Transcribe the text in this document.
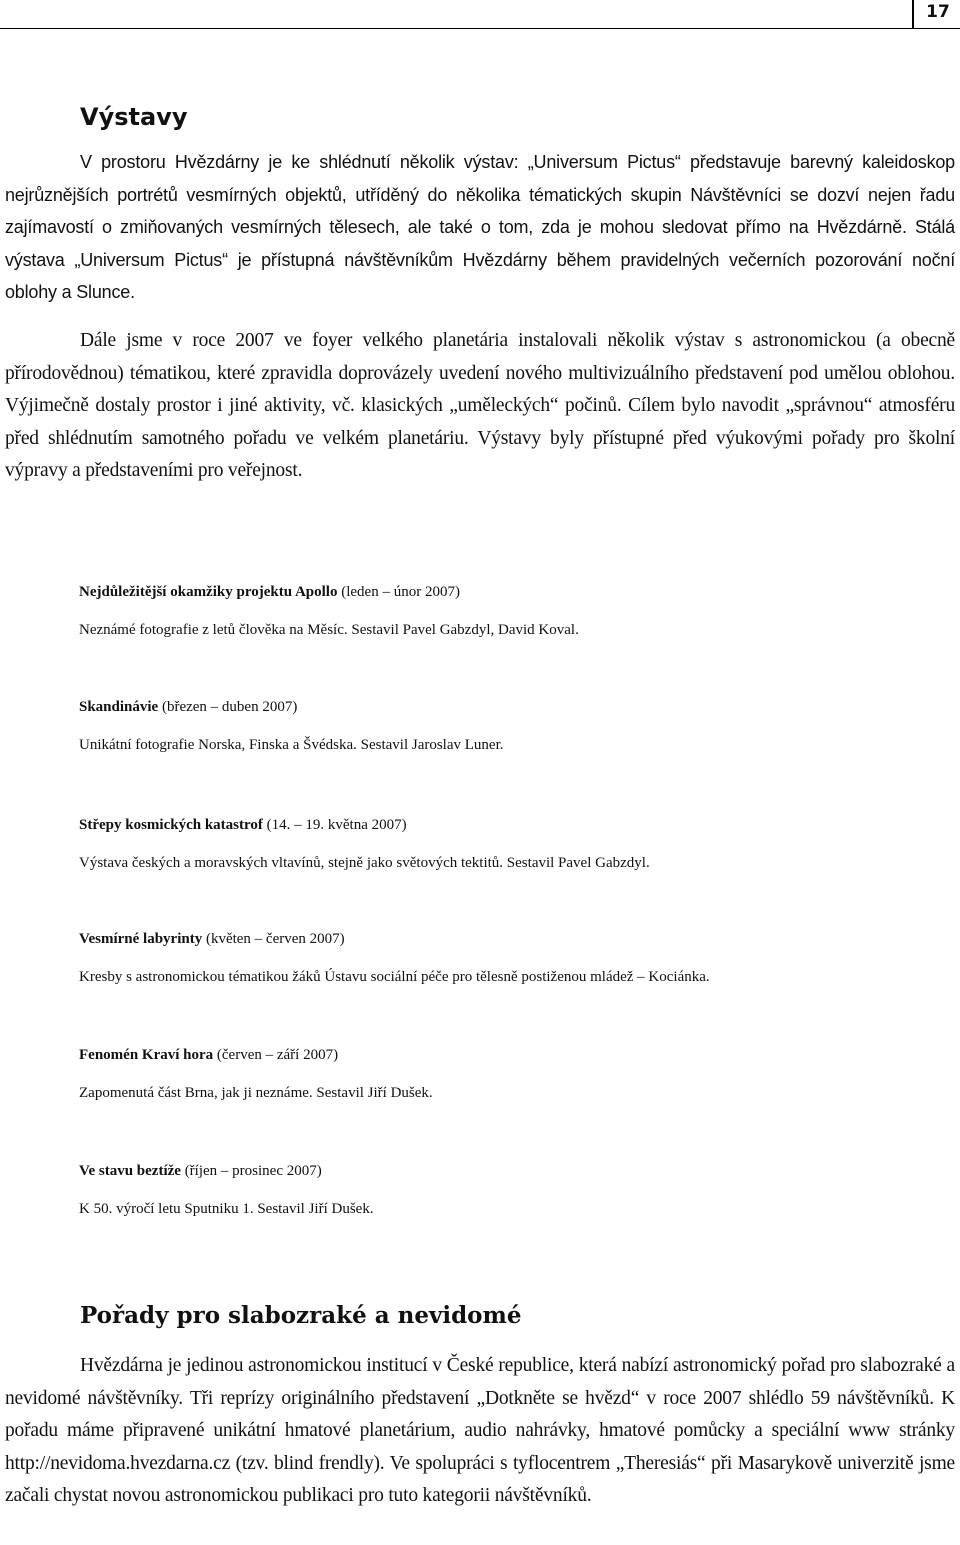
17
Výstavy

V prostoru Hvězdárny je ke shlédnutí několik výstav: „Universum Pictus“ představuje barevný kaleidoskop nejrůznějších portrétů vesmírných objektů, utříděný do několika tématických skupin Návštěvníci se dozví nejen řadu zajímavostí o zmiňovaných vesmírných tělesech, ale také o tom, zda je mohou sledovat přímo na Hvězdárně. Stálá výstava „Universum Pictus“ je přístupná návštěvníkům Hvězdárny během pravidelných večerních pozorování noční oblohy a Slunce.

Dále jsme v roce 2007 ve foyer velkého planetária instalovali několik výstav s astronomickou (a obecně přírodovědnou) tématikou, které zpravidla doprovázely uvedení nového multivizuálního představení pod umělou oblohou. Výjimečně dostaly prostor i jiné aktivity, vč. klasických „uměleckých“ počinů. Cílem bylo navodit „správnou“ atmosféru před shlédnutím samotného pořadu ve velkém planetáriu. Výstavy byly přístupné před výukovými pořady pro školní výpravy a představeními pro veřejnost.

Nejdůležitější okamžiky projektu Apollo (leden – únor 2007)
Neznámé fotografie z letů člověka na Měsíc. Sestavil Pavel Gabzdyl, David Koval.
Skandinávie (březen – duben 2007)
Unikátní fotografie Norska, Finska a Švédska. Sestavil Jaroslav Luner.
Střepy kosmických katastrof (14. – 19. května 2007)
Výstava českých a moravských vltavínů, stejně jako světových tektitů. Sestavil Pavel Gabzdyl.
Vesmírné labyrinty (květen – červen 2007)
Kresby s astronomickou tématikou žáků Ústavu sociální péče pro tělesně postiženou mládež – Kociánka.
Fenomén Kraví hora (červen – září 2007)
Zapomenutá část Brna, jak ji neznáme. Sestavil Jiří Dušek.
Ve stavu beztíže (říjen – prosinec 2007)
K 50. výročí letu Sputniku 1. Sestavil Jiří Dušek.
Pořady pro slabozraké a nevidomé

Hvězdárna je jedinou astronomickou institucí v České republice, která nabízí astronomický pořad pro slabozraké a nevidomé návštěvníky. Tři reprízy originálního představení „Dotkněte se hvězd“ v roce 2007 shlédlo 59 návštěvníků. K pořadu máme připravené unikátní hmatové planetárium, audio nahrávky, hmatové pomůcky a speciální www stránky http://nevidoma.hvezdarna.cz (tzv. blind frendly). Ve spolupráci s tyflocentrem „Theresiás“ při Masarykově univerzitě jsme začali chystat novou astronomickou publikaci pro tuto kategorii návštěvníků.
